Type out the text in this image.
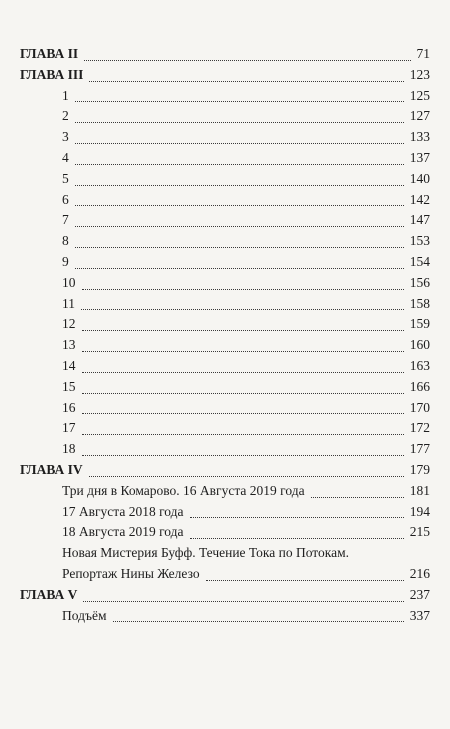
ГЛАВА II	71
ГЛАВА III	123
1	125
2	127
3	133
4	137
5	140
6	142
7	147
8	153
9	154
10	156
11	158
12	159
13	160
14	163
15	166
16	170
17	172
18	177
ГЛАВА IV	179
Три дня в Комарово. 16 Августа 2019 года	181
17 Августа 2018 года	194
18 Августа 2019 года	215
Новая Мистерия Буфф. Течение Тока по Потокам.
Репортаж Нины Железо	216
ГЛАВА V	237
Подъём	337
